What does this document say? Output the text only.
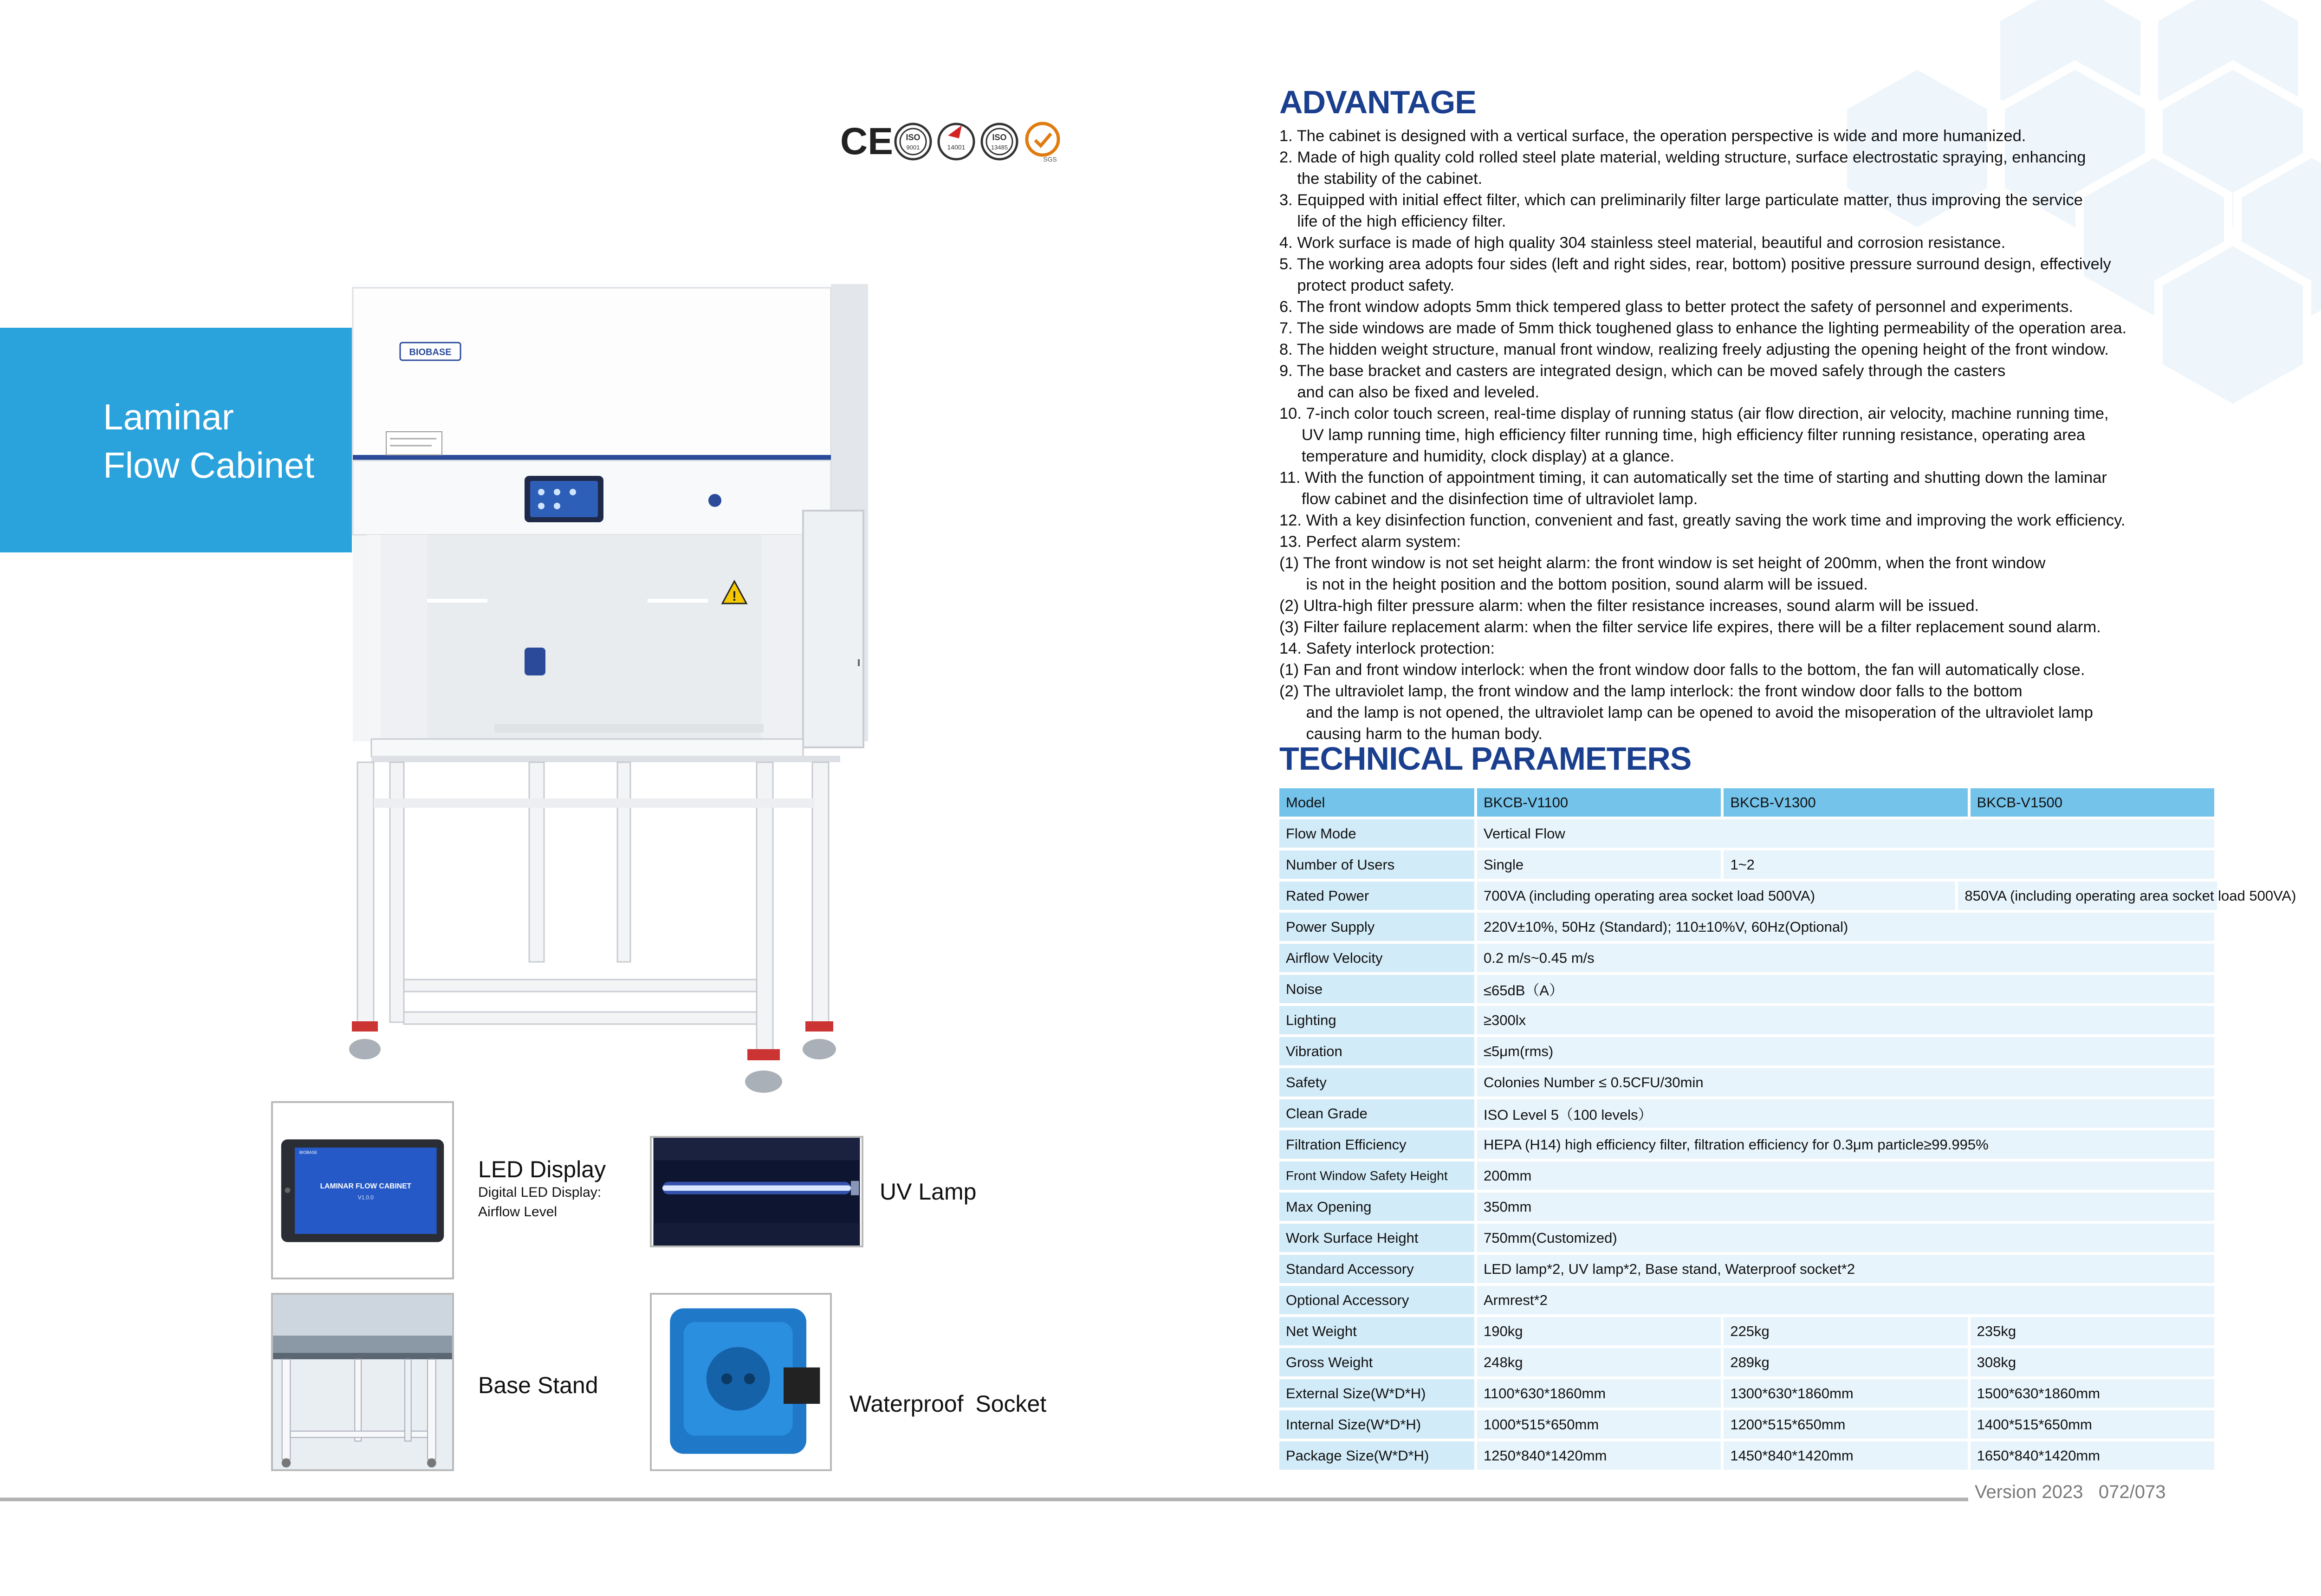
CE ISO
9001	14001
ISO
13485
SGS
Laminar
Flow Cabinet
BIOBASE
!
LAMINAR FLOW CABINET
V1.0.0
BIOBASE
LED Display
Digital LED Display:
Airflow Level
UV Lamp
Base Stand
Waterproof Socket
ADVANTAGE
1. The cabinet is designed with a vertical surface, the operation perspective is wide and more humanized.
2. Made of high quality cold rolled steel plate material, welding structure, surface electrostatic spraying, enhancing
the stability of the cabinet.
3. Equipped with initial effect filter, which can preliminarily filter large particulate matter, thus improving the service
life of the high efficiency filter.
4. Work surface is made of high quality 304 stainless steel material, beautiful and corrosion resistance.
5. The working area adopts four sides (left and right sides, rear, bottom) positive pressure surround design, effectively
protect product safety.
6. The front window adopts 5mm thick tempered glass to better protect the safety of personnel and experiments.
7. The side windows are made of 5mm thick toughened glass to enhance the lighting permeability of the operation area.
8. The hidden weight structure, manual front window, realizing freely adjusting the opening height of the front window.
9. The base bracket and casters are integrated design, which can be moved safely through the casters
and can also be fixed and leveled.
10. 7-inch color touch screen, real-time display of running status (air flow direction, air velocity, machine running time,
UV lamp running time, high efficiency filter running time, high efficiency filter running resistance, operating area
temperature and humidity, clock display) at a glance.
11. With the function of appointment timing, it can automatically set the time of starting and shutting down the laminar
flow cabinet and the disinfection time of ultraviolet lamp.
12. With a key disinfection function, convenient and fast, greatly saving the work time and improving the work efficiency.
13. Perfect alarm system:
(1) The front window is not set height alarm: the front window is set height of 200mm, when the front window
is not in the height position and the bottom position, sound alarm will be issued.
(2) Ultra-high filter pressure alarm: when the filter resistance increases, sound alarm will be issued.
(3) Filter failure replacement alarm: when the filter service life expires, there will be a filter replacement sound alarm.
14. Safety interlock protection:
(1) Fan and front window interlock: when the front window door falls to the bottom, the fan will automatically close.
(2) The ultraviolet lamp, the front window and the lamp interlock: the front window door falls to the bottom
and the lamp is not opened, the ultraviolet lamp can be opened to avoid the misoperation of the ultraviolet lamp
causing harm to the human body.
TECHNICAL PARAMETERS
Model	BKCB-V1100	BKCB-V1300	BKCB-V1500
Flow Mode	Vertical Flow
Number of Users	Single	1~2
Rated Power	700VA (including operating area socket load 500VA)	850VA (including operating area socket load 500VA)
Power Supply	220V±10%, 50Hz (Standard); 110±10%V, 60Hz(Optional)
Airflow Velocity	0.2 m/s~0.45 m/s
Noise	≤65dB（A）
Lighting	≥300lx
Vibration	≤5μm(rms)
Safety	Colonies Number ≤ 0.5CFU/30min
Clean Grade	ISO Level 5（100 levels）
Filtration Efficiency	HEPA (H14) high efficiency filter, filtration efficiency for 0.3μm particle≥99.995%
Front Window Safety Height	200mm
Max Opening	350mm
Work Surface Height	750mm(Customized)
Standard Accessory	LED lamp*2, UV lamp*2, Base stand, Waterproof socket*2
Optional Accessory	Armrest*2
Net Weight	190kg	225kg	235kg
Gross Weight	248kg	289kg	308kg
External Size(W*D*H)	1100*630*1860mm	1300*630*1860mm	1500*630*1860mm
Internal Size(W*D*H)	1000*515*650mm	1200*515*650mm	1400*515*650mm
Package Size(W*D*H)	1250*840*1420mm	1450*840*1420mm	1650*840*1420mm
Version 2023 072/073
